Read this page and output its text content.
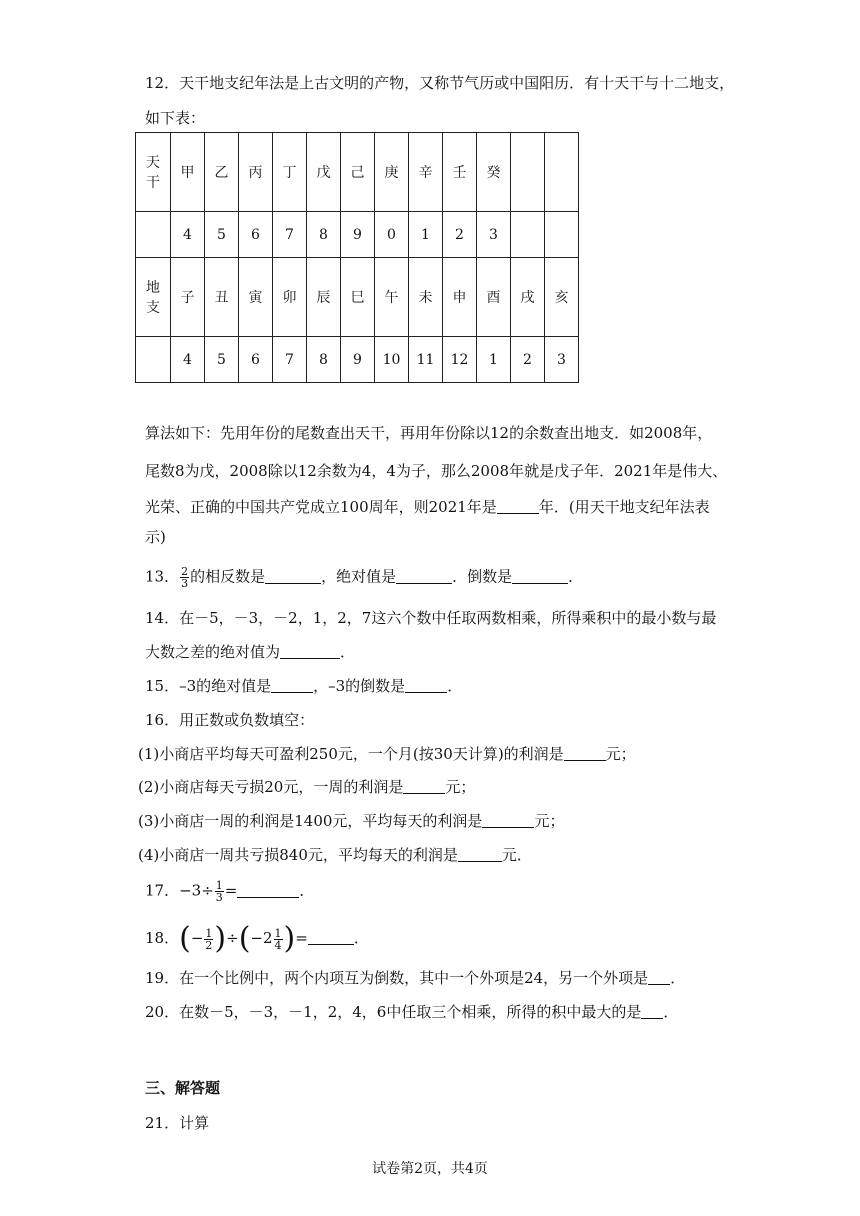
12．天干地支纪年法是上古文明的产物，又称节气历或中国阳历．有十天干与十二地支，
如下表：
天
干	甲	乙	丙	丁	戊	己	庚	辛	壬	癸		
	4	5	6	7	8	9	0	1	2	3		
地
支	子	丑	寅	卯	辰	巳	午	未	申	酉	戌	亥
	4	5	6	7	8	9	10	11	12	1	2	3
算法如下：先用年份的尾数查出天干，再用年份除以12的余数查出地支．如2008年，
尾数8为戊，2008除以12余数为4，4为子，那么2008年就是戊子年．2021年是伟大、
光荣、正确的中国共产党成立100周年，则2021年是	年．(用天干地支纪年法表
示)
13． $\frac{2}{3}$ 的相反数是	，绝对值是	．倒数是	．
14．在－5，－3，－2，1，2，7这六个数中任取两数相乘，所得乘积中的最小数与最
大数之差的绝对值为	．
15．–3的绝对值是	，–3的倒数是	．
16．用正数或负数填空：
(1)小商店平均每天可盈利250元，一个月(按30天计算)的利润是	元；
(2)小商店每天亏损20元，一周的利润是	元；
(3)小商店一周的利润是1400元，平均每天的利润是	元；
(4)小商店一周共亏损840元，平均每天的利润是	元．
17．$-3\div \frac{1}{3}$ =	．
18．(− $\frac{1}{2} )\div(-2 \frac{1}{4}$ )=	．
19．在一个比例中，两个内项互为倒数，其中一个外项是24，另一个外项是 ．
20．在数－5，－3，－1，2，4，6中任取三个相乘，所得的积中最大的是 ．
三、解答题
21．计算
试卷第2页，共4页
